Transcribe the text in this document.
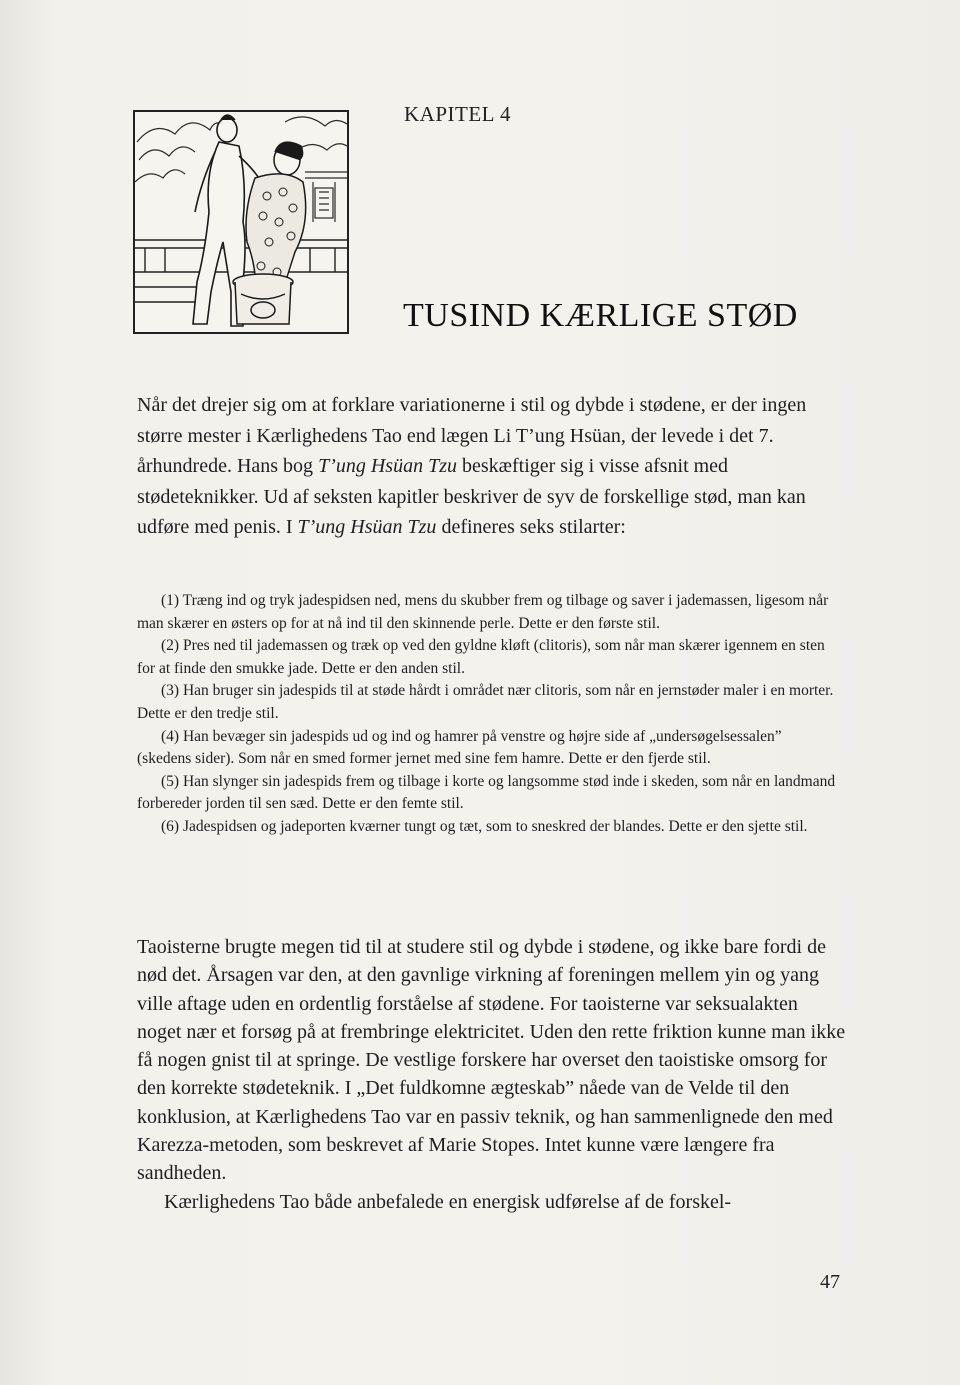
KAPITEL 4
TUSIND KÆRLIGE STØD

Når det drejer sig om at forklare variationerne i stil og dybde i stødene, er der ingen større mester i Kærlighedens Tao end lægen Li T’ung Hsüan, der levede i det 7. århundrede. Hans bog T’ung Hsüan Tzu beskæftiger sig i visse afsnit med stødeteknikker. Ud af seksten kapitler beskriver de syv de forskellige stød, man kan udføre med penis. I T’ung Hsüan Tzu defineres seks stilarter:

(1) Træng ind og tryk jadespidsen ned, mens du skubber frem og tilbage og saver i jademassen, ligesom når man skærer en østers op for at nå ind til den skinnende perle. Dette er den første stil.

(2) Pres ned til jademassen og træk op ved den gyldne kløft (clitoris), som når man skærer igennem en sten for at finde den smukke jade. Dette er den anden stil.

(3) Han bruger sin jadespids til at støde hårdt i området nær clitoris, som når en jernstøder maler i en morter. Dette er den tredje stil.

(4) Han bevæger sin jadespids ud og ind og hamrer på venstre og højre side af „undersøgelsessalen” (skedens sider). Som når en smed former jernet med sine fem hamre. Dette er den fjerde stil.

(5) Han slynger sin jadespids frem og tilbage i korte og langsomme stød inde i skeden, som når en landmand forbereder jorden til sen sæd. Dette er den femte stil.

(6) Jadespidsen og jadeporten kværner tungt og tæt, som to sneskred der blandes. Dette er den sjette stil.

Taoisterne brugte megen tid til at studere stil og dybde i stødene, og ikke bare fordi de nød det. Årsagen var den, at den gavnlige virkning af foreningen mellem yin og yang ville aftage uden en ordentlig forståelse af stødene. For taoisterne var seksualakten noget nær et forsøg på at frembringe elektricitet. Uden den rette friktion kunne man ikke få nogen gnist til at springe. De vestlige forskere har overset den taoistiske omsorg for den korrekte stødeteknik. I „Det fuldkomne ægteskab” nåede van de Velde til den konklusion, at Kærlighedens Tao var en passiv teknik, og han sammenlignede den med Karezza-metoden, som beskrevet af Marie Stopes. Intet kunne være længere fra sandheden.

Kærlighedens Tao både anbefalede en energisk udførelse af de forskel-

47
